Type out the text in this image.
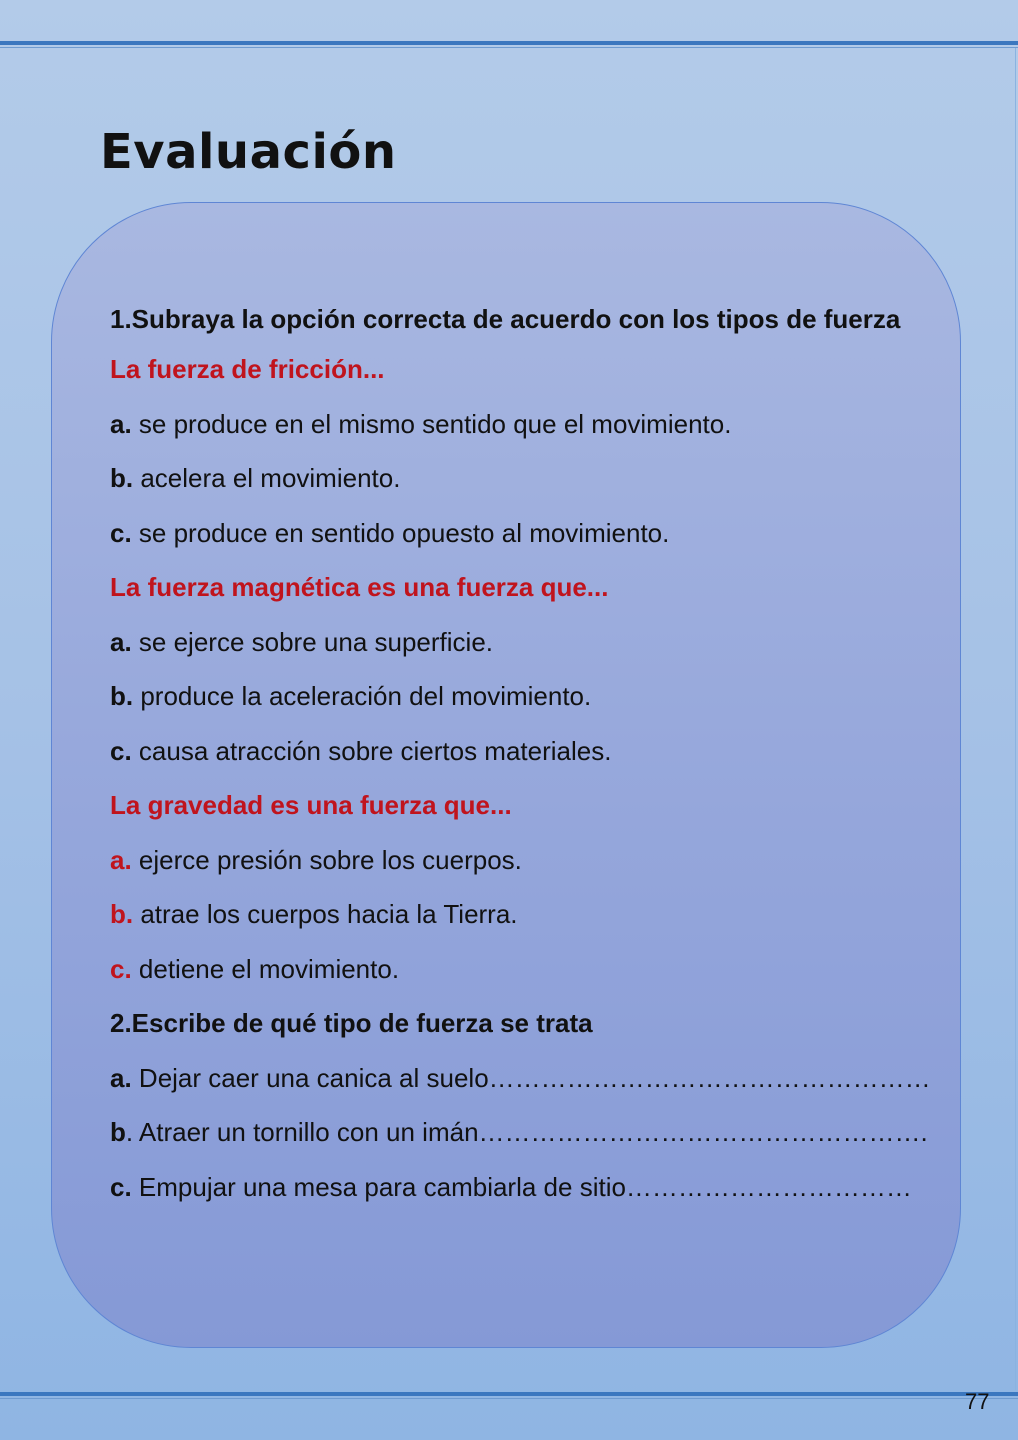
Evaluación

1.Subraya la opción correcta de acuerdo con los tipos de fuerza

La fuerza de fricción...

a. se produce en el mismo sentido que el movimiento.

b. acelera el movimiento.

c. se produce en sentido opuesto al movimiento.

La fuerza magnética es una fuerza que...

a. se ejerce sobre una superficie.

b. produce la aceleración del movimiento.

c. causa atracción sobre ciertos materiales.

La gravedad es una fuerza que...

a. ejerce presión sobre los cuerpos.

b. atrae los cuerpos hacia la Tierra.

c. detiene el movimiento.

2.Escribe de qué tipo de fuerza se trata

a. Dejar caer una canica al suelo……………………………………………

b. Atraer un tornillo con un imán…………………………………………….

c. Empujar una mesa para cambiarla de sitio……………………………

77
